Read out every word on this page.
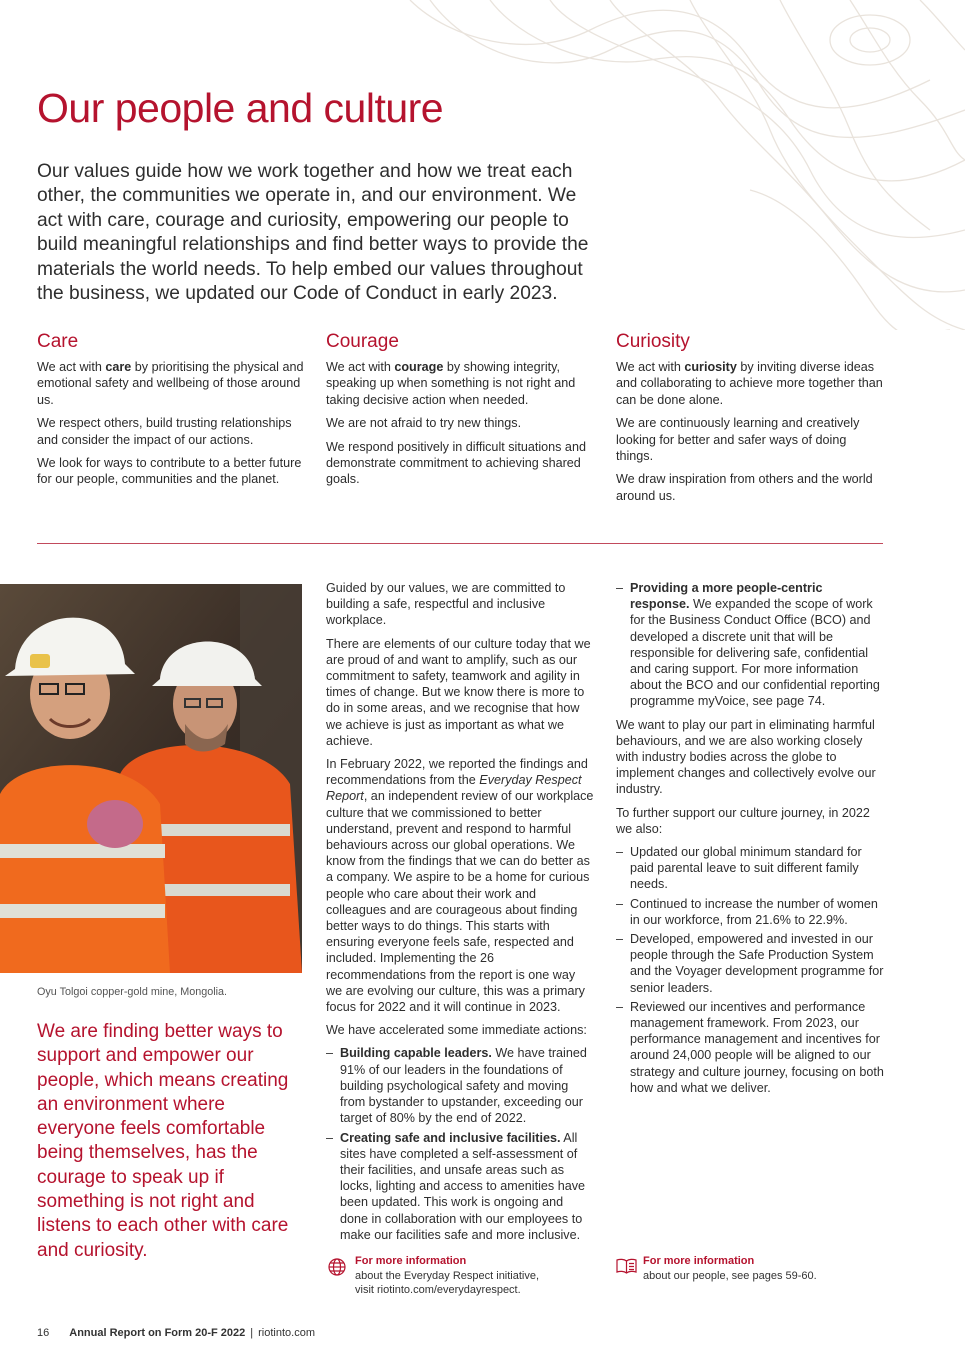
Our people and culture

Our values guide how we work together and how we treat each other, the communities we operate in, and our environment. We act with care, courage and curiosity, empowering our people to build meaningful relationships and find better ways to provide the materials the world needs. To help embed our values throughout the business, we updated our Code of Conduct in early 2023.

Care

We act with care by prioritising the physical and emotional safety and wellbeing of those around us.

We respect others, build trusting relationships and consider the impact of our actions.

We look for ways to contribute to a better future for our people, communities and the planet.

Courage

We act with courage by showing integrity, speaking up when something is not right and taking decisive action when needed.

We are not afraid to try new things.

We respond positively in difficult situations and demonstrate commitment to achieving shared goals.

Curiosity

We act with curiosity by inviting diverse ideas and collaborating to achieve more together than can be done alone.

We are continuously learning and creatively looking for better and safer ways of doing things.

We draw inspiration from others and the world around us.

Oyu Tolgoi copper-gold mine, Mongolia.

We are finding better ways to support and empower our people, which means creating an environment where everyone feels comfortable being themselves, has the courage to speak up if something is not right and listens to each other with care and curiosity.

Guided by our values, we are committed to building a safe, respectful and inclusive workplace.

There are elements of our culture today that we are proud of and want to amplify, such as our commitment to safety, teamwork and agility in times of change. But we know there is more to do in some areas, and we recognise that how we achieve is just as important as what we achieve.

In February 2022, we reported the findings and recommendations from the Everyday Respect Report, an independent review of our workplace culture that we commissioned to better understand, prevent and respond to harmful behaviours across our global operations. We know from the findings that we can do better as a company. We aspire to be a home for curious people who care about their work and colleagues and are courageous about finding better ways to do things. This starts with ensuring everyone feels safe, respected and included. Implementing the 26 recommendations from the report is one way we are evolving our culture, this was a primary focus for 2022 and it will continue in 2023.

We have accelerated some immediate actions:

– Building capable leaders. We have trained 91% of our leaders in the foundations of building psychological safety and moving from bystander to upstander, exceeding our target of 80% by the end of 2022.
– Creating safe and inclusive facilities. All sites have completed a self-assessment of their facilities, and unsafe areas such as locks, lighting and access to amenities have been updated. This work is ongoing and done in collaboration with our employees to make our facilities safe and more inclusive.
– Providing a more people-centric response. We expanded the scope of work for the Business Conduct Office (BCO) and developed a discrete unit that will be responsible for delivering safe, confidential and caring support. For more information about the BCO and our confidential reporting programme myVoice, see page 74.

We want to play our part in eliminating harmful behaviours, and we are also working closely with industry bodies across the globe to implement changes and collectively evolve our industry.

To further support our culture journey, in 2022 we also:

– Updated our global minimum standard for paid parental leave to suit different family needs.
– Continued to increase the number of women in our workforce, from 21.6% to 22.9%.
– Developed, empowered and invested in our people through the Safe Production System and the Voyager development programme for senior leaders.
– Reviewed our incentives and performance management framework. From 2023, our performance management and incentives for around 24,000 people will be aligned to our strategy and culture journey, focusing on both how and what we deliver.
For more information
about the Everyday Respect initiative,
visit riotinto.com/everydayrespect.
For more information
about our people, see pages 59-60.
16 Annual Report on Form 20-F 2022 | riotinto.com
